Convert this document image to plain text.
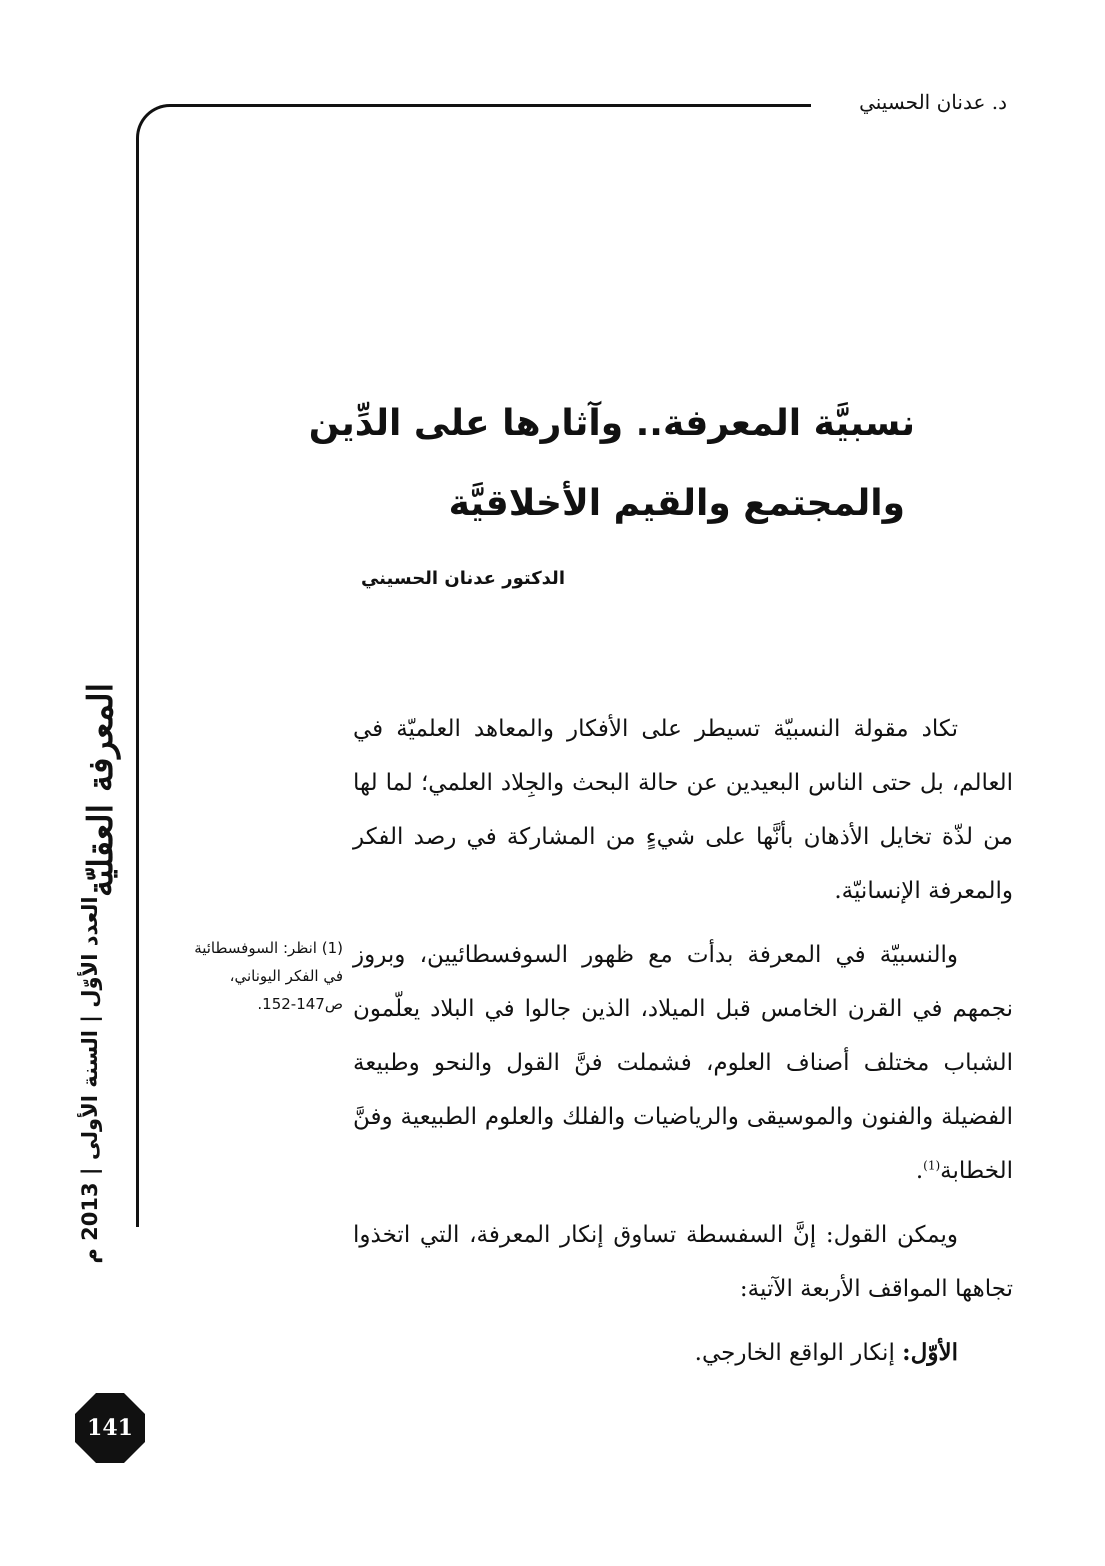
د. عدنان الحسيني
نسبيَّة المعرفة.. وآثارها على الدِّين
والمجتمع والقيم الأخلاقيَّة
الدكتور عدنان الحسيني

تكاد مقولة النسبيّة تسيطر على الأفكار والمعاهد العلميّة في العالم، بل حتى الناس البعيدين عن حالة البحث والجِلاد العلمي؛ لما لها من لذّة تخايل الأذهان بأنَّها على شيءٍ من المشاركة في رصد الفكر والمعرفة الإنسانيّة.

والنسبيّة في المعرفة بدأت مع ظهور السوفسطائيين، وبروز نجمهم في القرن الخامس قبل الميلاد، الذين جالوا في البلاد يعلّمون الشباب مختلف أصناف العلوم، فشملت فنَّ القول والنحو وطبيعة الفضيلة والفنون والموسيقى والرياضيات والفلك والعلوم الطبيعية وفنَّ الخطابة$^{(1)}$.

ويمكن القول: إنَّ السفسطة تساوق إنكار المعرفة، التي اتخذوا تجاهها المواقف الأربعة الآتية:

الأوّل: إنكار الواقع الخارجي.

(1) انظر: السوفسطائية
في الفكر اليوناني،
ص147-152.
المعرفة العقليّة
العدد الأوّل | السنة الأولى | 2013 م
141
